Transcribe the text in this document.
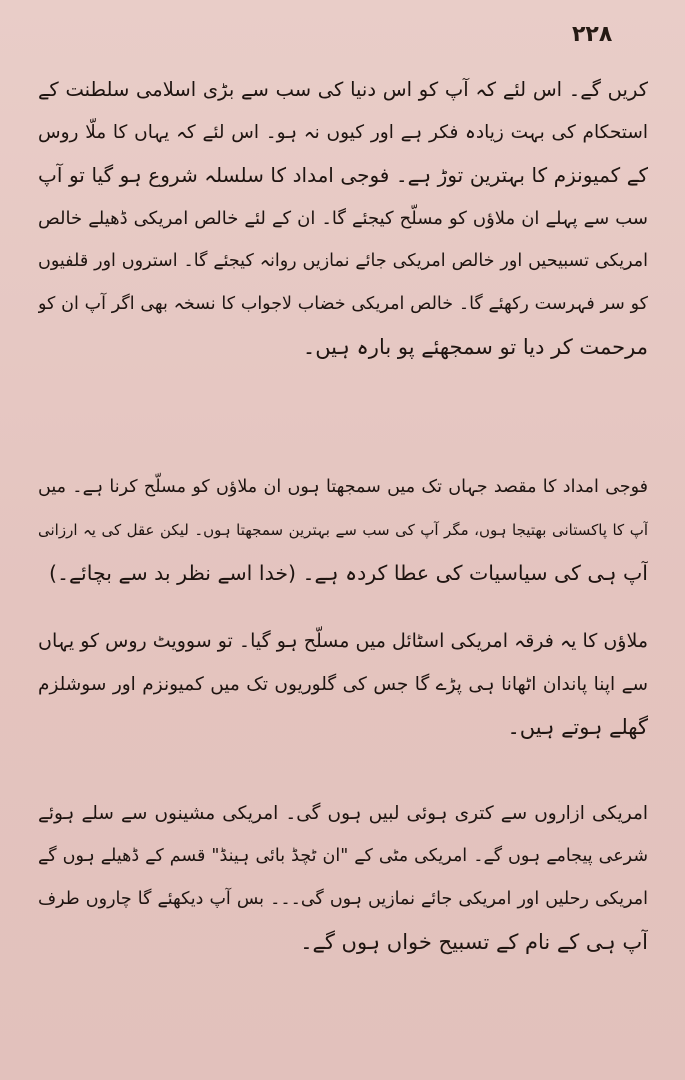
۲۲۸
کریں گے۔ اس لئے کہ آپ کو اس دنیا کی سب سے بڑی اسلامی سلطنت کے
استحکام کی بہت زیادہ فکر ہے اور کیوں نہ ہو۔ اس لئے کہ یہاں کا ملّا روس
کے کمیونزم کا بہترین توڑ ہے۔ فوجی امداد کا سلسلہ شروع ہو گیا تو آپ
سب سے پہلے ان ملاؤں کو مسلّح کیجئے گا۔ ان کے لئے خالص امریکی ڈھیلے خالص
امریکی تسبیحیں اور خالص امریکی جائے نمازیں روانہ کیجئے گا۔ استروں اور قلفیوں
کو سر فہرست رکھئے گا۔ خالص امریکی خضاب لاجواب کا نسخہ بھی اگر آپ ان کو
مرحمت کر دیا تو سمجھئے پو بارہ ہیں۔
فوجی امداد کا مقصد جہاں تک میں سمجھتا ہوں ان ملاؤں کو مسلّح کرنا ہے۔ میں
آپ کا پاکستانی بھتیجا ہوں، مگر آپ کی سب سے بہترین سمجھتا ہوں۔ لیکن عقل کی یہ ارزانی
آپ ہی کی سیاسیات کی عطا کردہ ہے۔ (خدا اسے نظر بد سے بچائے۔)
ملاؤں کا یہ فرقہ امریکی اسٹائل میں مسلّح ہو گیا۔ تو سوویٹ روس کو یہاں
سے اپنا پاندان اٹھانا ہی پڑے گا جس کی گلوریوں تک میں کمیونزم اور سوشلزم
گھلے ہوتے ہیں۔
امریکی ازاروں سے کتری ہوئی لبیں ہوں گی۔ امریکی مشینوں سے سلے ہوئے
شرعی پیجامے ہوں گے۔ امریکی مٹی کے "ان ٹچڈ بائی ہینڈ" قسم کے ڈھیلے ہوں گے
امریکی رحلیں اور امریکی جائے نمازیں ہوں گی۔۔۔ بس آپ دیکھئے گا چاروں طرف
آپ ہی کے نام کے تسبیح خواں ہوں گے۔
